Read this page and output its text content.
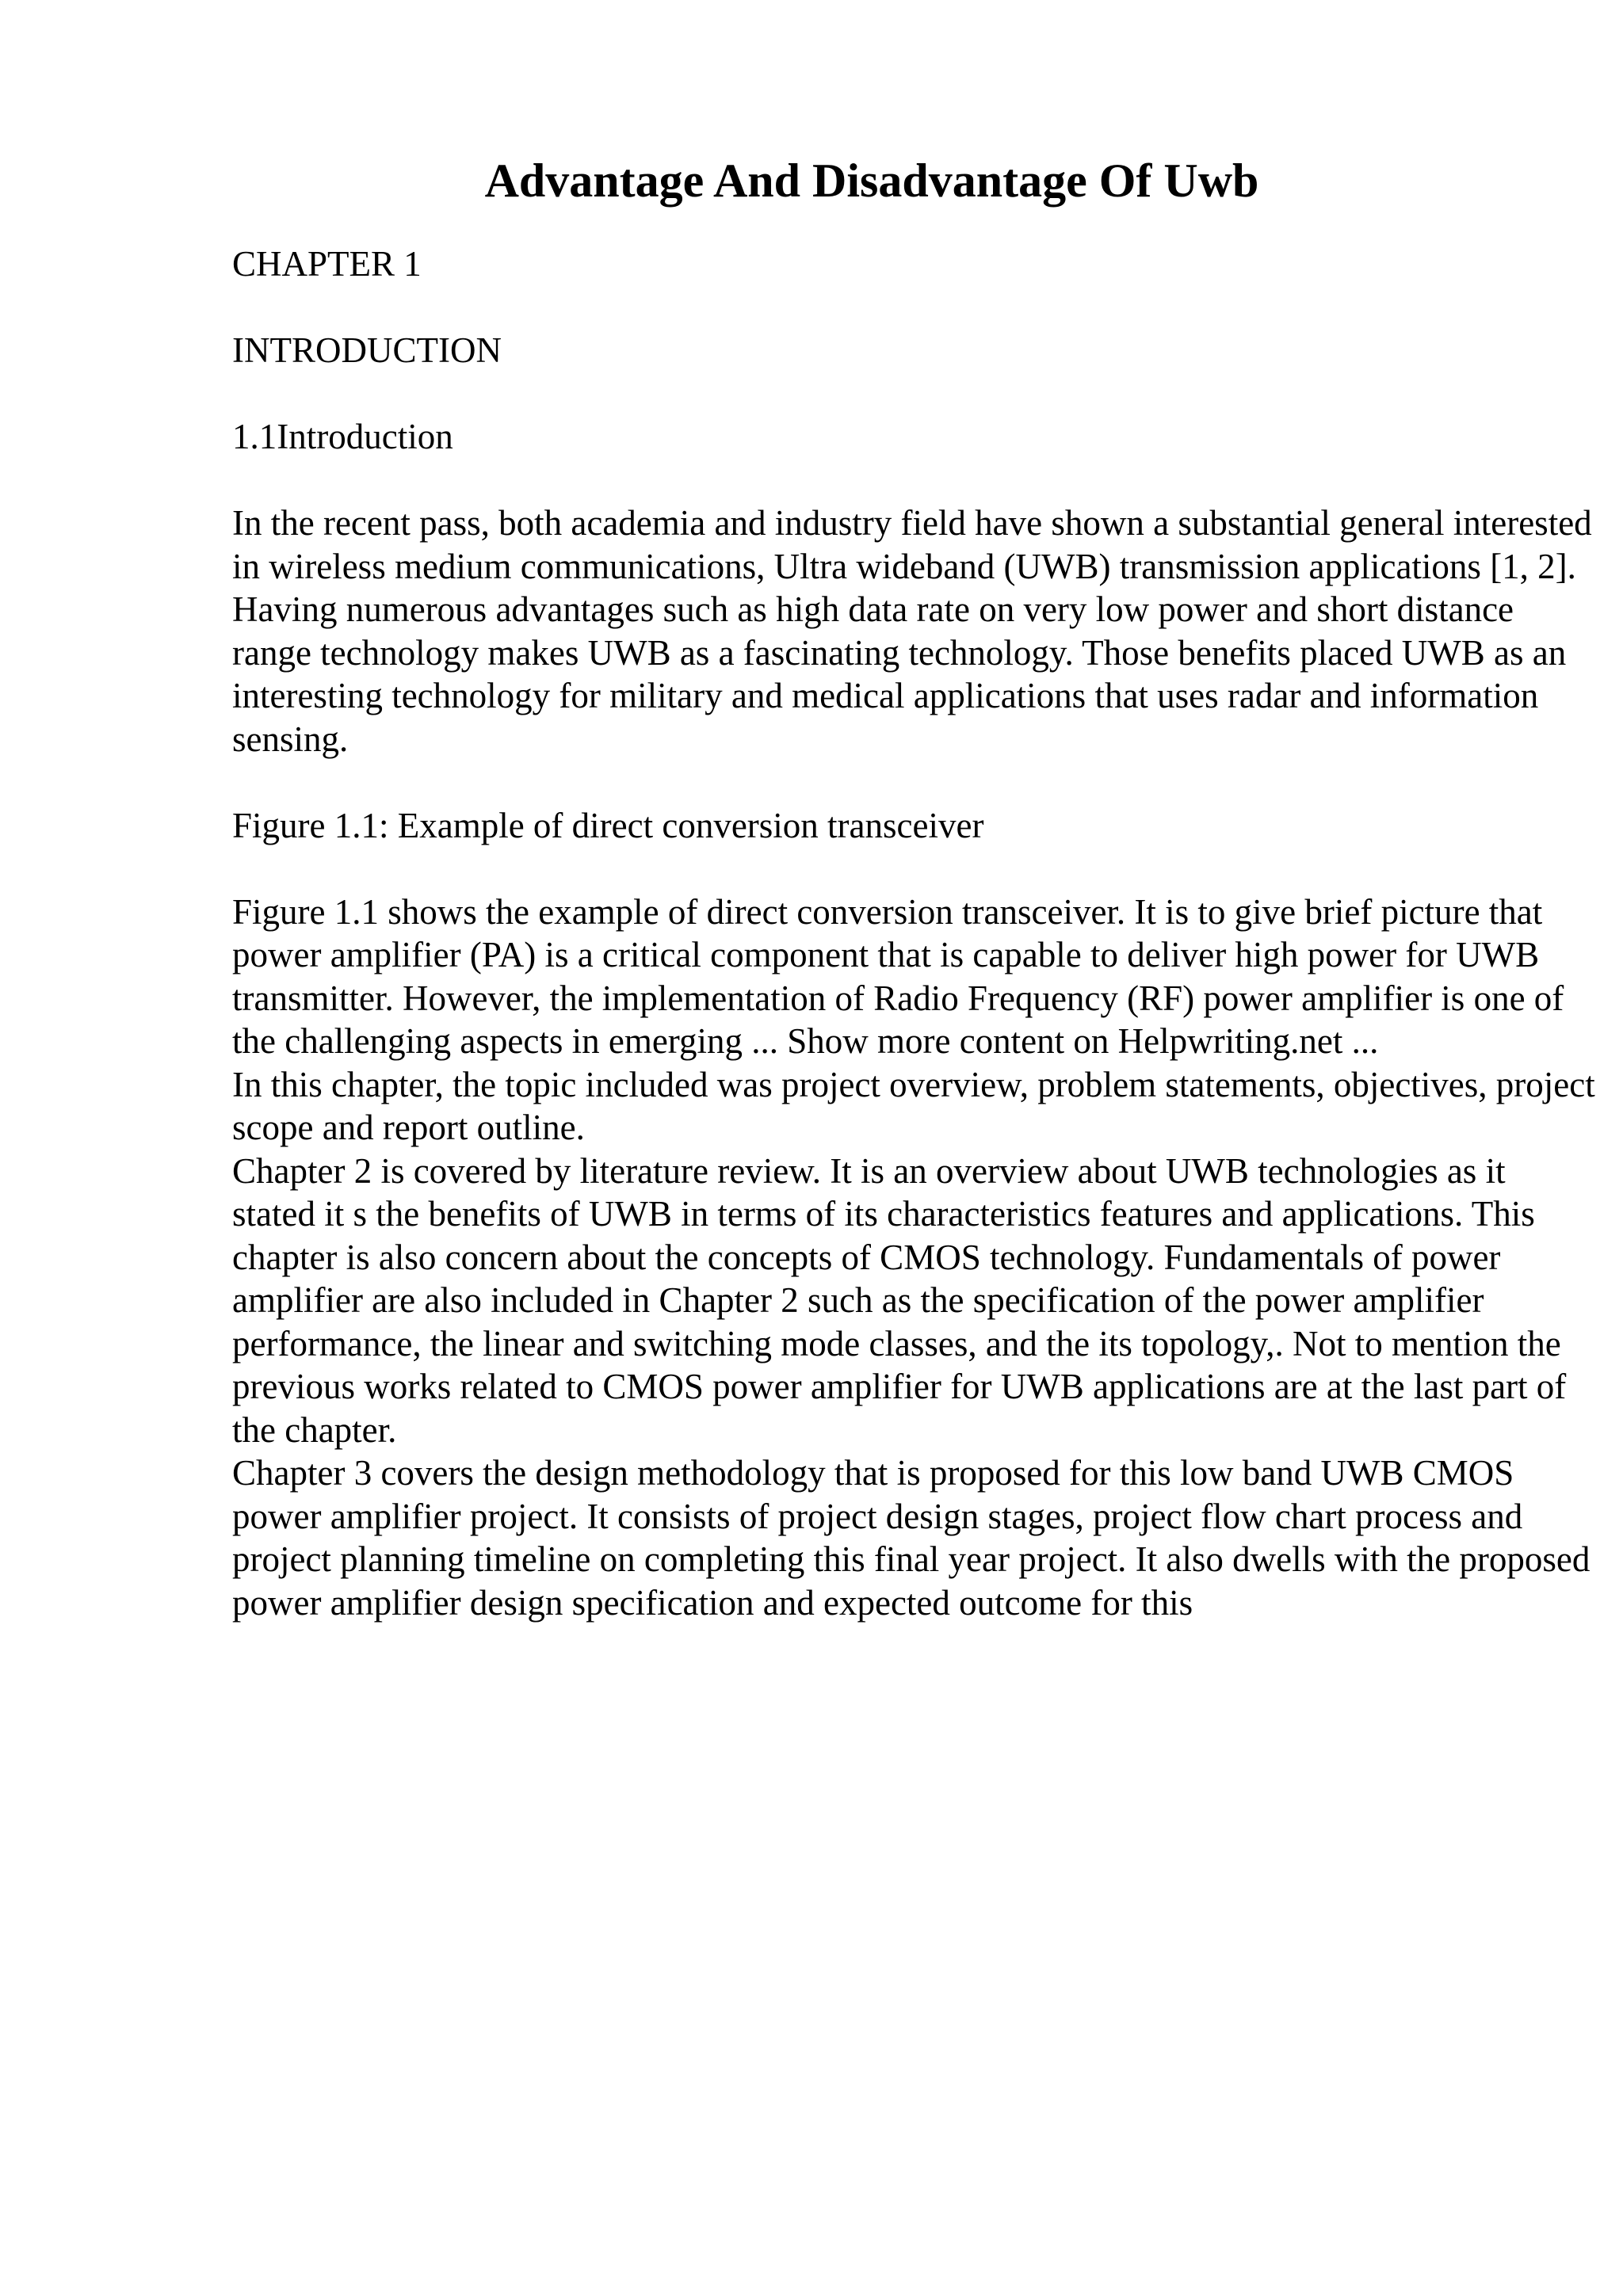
Advantage And Disadvantage Of Uwb

CHAPTER 1

INTRODUCTION

1.1Introduction

In the recent pass, both academia and industry field have shown a substantial general interested in wireless medium communications, Ultra wideband (UWB) transmission applications [1, 2]. Having numerous advantages such as high data rate on very low power and short distance range technology makes UWB as a fascinating technology. Those benefits placed UWB as an interesting technology for military and medical applications that uses radar and information sensing.

Figure 1.1: Example of direct conversion transceiver

Figure 1.1 shows the example of direct conversion transceiver. It is to give brief picture that power amplifier (PA) is a critical component that is capable to deliver high power for UWB transmitter. However, the implementation of Radio Frequency (RF) power amplifier is one of the challenging aspects in emerging ... Show more content on Helpwriting.net ...

In this chapter, the topic included was project overview, problem statements, objectives, project scope and report outline.

Chapter 2 is covered by literature review. It is an overview about UWB technologies as it stated it s the benefits of UWB in terms of its characteristics features and applications. This chapter is also concern about the concepts of CMOS technology. Fundamentals of power amplifier are also included in Chapter 2 such as the specification of the power amplifier performance, the linear and switching mode classes, and the its topology,. Not to mention the previous works related to CMOS power amplifier for UWB applications are at the last part of the chapter.

Chapter 3 covers the design methodology that is proposed for this low band UWB CMOS power amplifier project. It consists of project design stages, project flow chart process and project planning timeline on completing this final year project. It also dwells with the proposed power amplifier design specification and expected outcome for this
